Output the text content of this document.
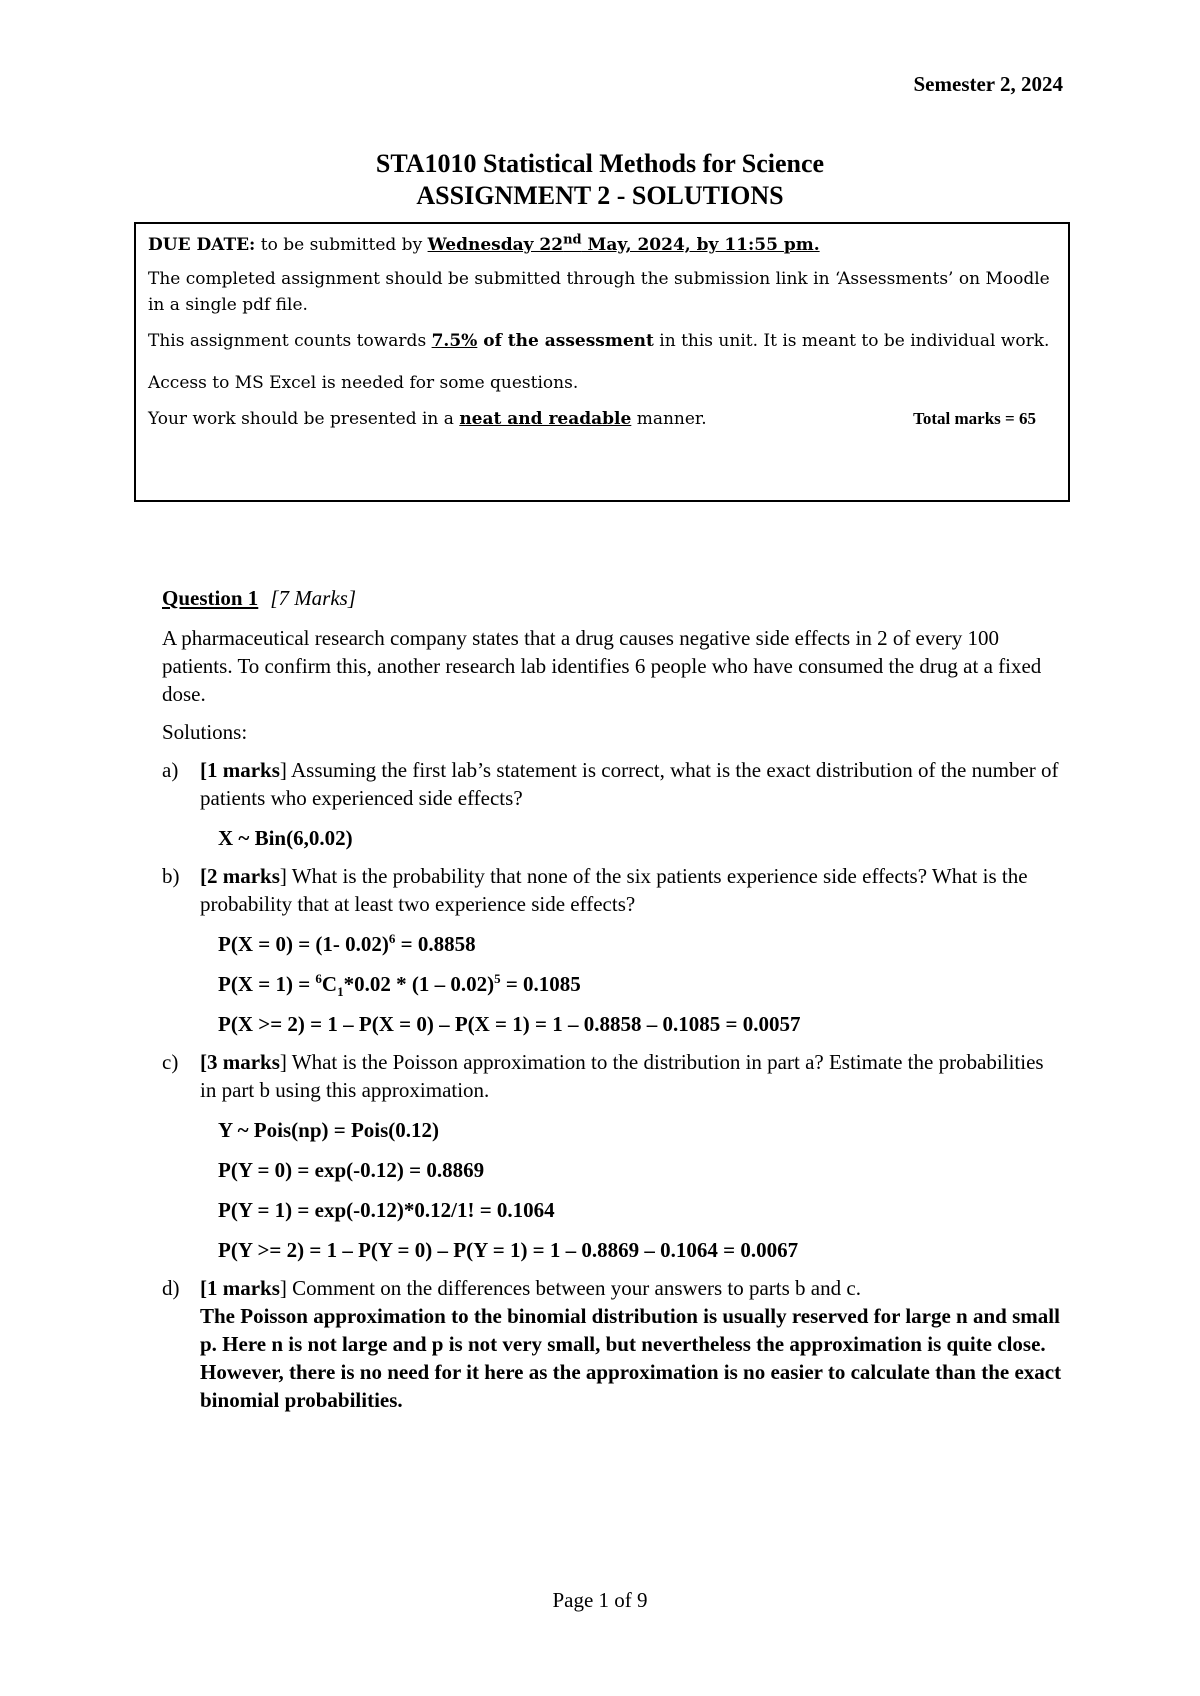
Semester 2, 2024
STA1010 Statistical Methods for Science
ASSIGNMENT 2 - SOLUTIONS

DUE DATE: to be submitted by Wednesday 22nd May, 2024, by 11:55 pm.

The completed assignment should be submitted through the submission link in ‘Assessments’ on Moodle in a single pdf file.

This assignment counts towards 7.5% of the assessment in this unit. It is meant to be individual work.

Access to MS Excel is needed for some questions.

Your work should be presented in a neat and readable manner.	Total marks = 65

Question 1 [7 Marks]

A pharmaceutical research company states that a drug causes negative side effects in 2 of every 100 patients. To confirm this, another research lab identifies 6 people who have consumed the drug at a fixed dose.

Solutions:

a) [1 marks] Assuming the first lab’s statement is correct, what is the exact distribution of the number of patients who experienced side effects?
X ~ Bin(6,0.02)
b) [2 marks] What is the probability that none of the six patients experience side effects? What is the probability that at least two experience side effects?
P(X = 0) = (1- 0.02)$^6$ = 0.8858
$P(X = 1) = ^6C_1*0.02 * (1 - 0.02)^5 = 0.1085$
P(X >= 2) = 1 – P(X = 0) – P(X = 1) = 1 – 0.8858 – 0.1085 = 0.0057
c) [3 marks] What is the Poisson approximation to the distribution in part a? Estimate the probabilities in part b using this approximation.
Y ~ Pois(np) = Pois(0.12)
P(Y = 0) = exp(-0.12) = 0.8869
P(Y = 1) = exp(-0.12)*0.12/1! = 0.1064
P(Y >= 2) = 1 – P(Y = 0) – P(Y = 1) = 1 – 0.8869 – 0.1064 = 0.0067
d) [1 marks] Comment on the differences between your answers to parts b and c.
The Poisson approximation to the binomial distribution is usually reserved for large n and small p. Here n is not large and p is not very small, but nevertheless the approximation is quite close. However, there is no need for it here as the approximation is no easier to calculate than the exact binomial probabilities.
Page 1 of 9
